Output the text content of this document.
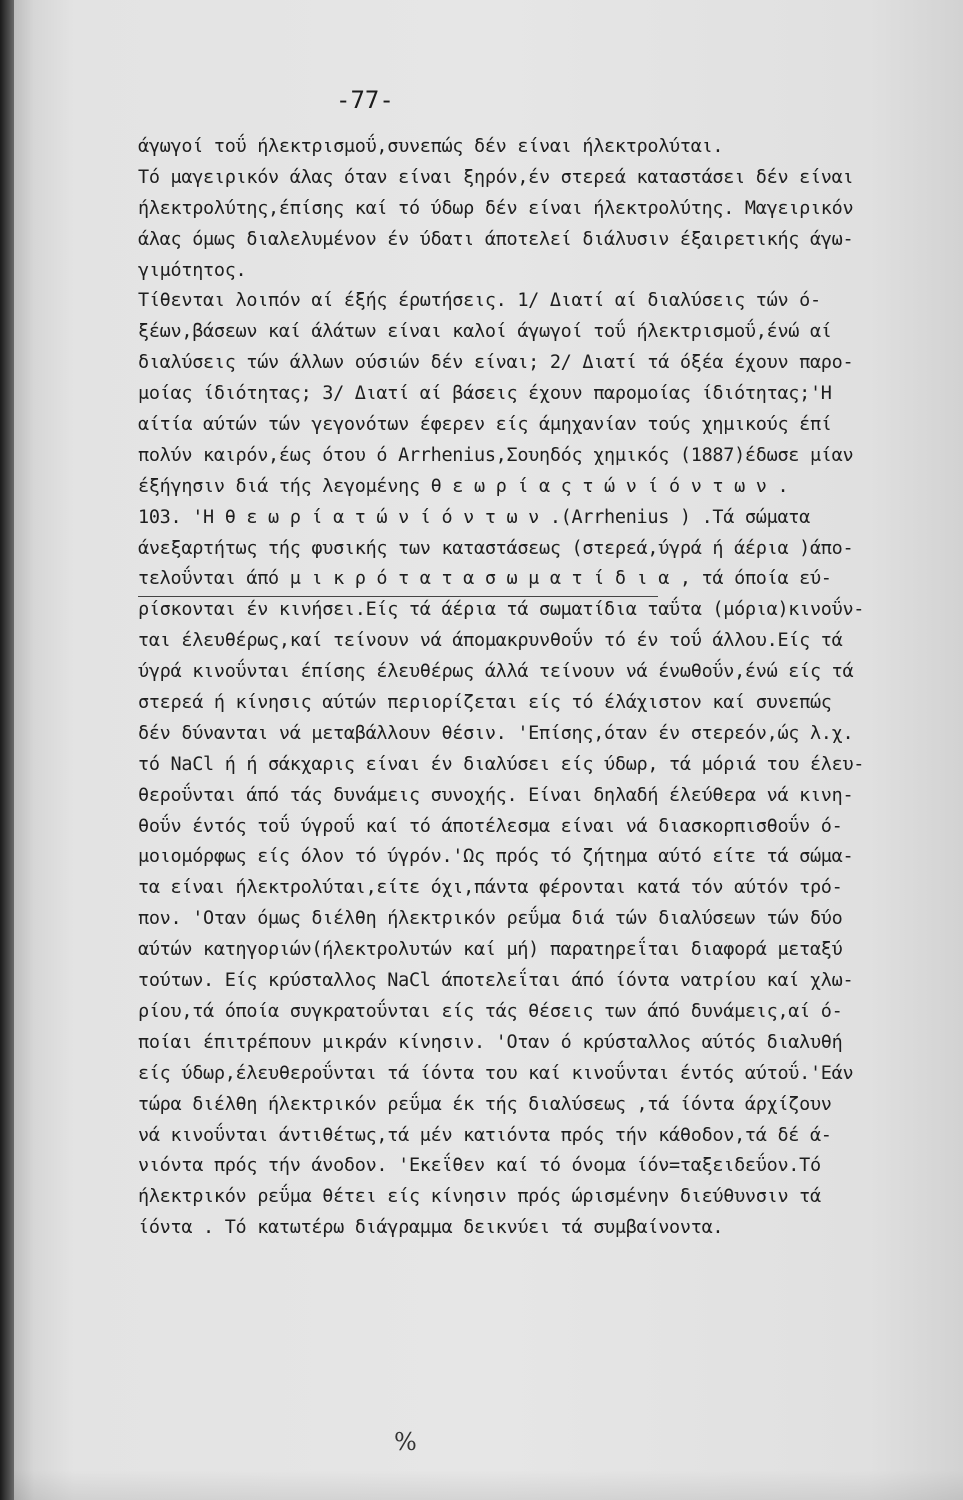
-77-
άγωγοί τοΰ ήλεκτρισμοΰ,συνεπώς δέν είναι ήλεκτρολύται.
Τό μαγειρικόν άλας όταν είναι ξηρόν,έν στερεά καταστάσει δέν είναι
ήλεκτρολύτης,έπίσης καί τό ύδωρ δέν είναι ήλεκτρολύτης. Μαγειρικόν
άλας όμως διαλελυμένον έν ύδατι άποτελεί διάλυσιν έξαιρετικής άγω-
γιμότητος.
Τίθενται λοιπόν αί έξής έρωτήσεις. 1/ Διατί αί διαλύσεις τών ό-
ξέων,βάσεων καί άλάτων είναι καλοί άγωγοί τοΰ ήλεκτρισμοΰ,ένώ αί
διαλύσεις τών άλλων ούσιών δέν είναι; 2/ Διατί τά όξέα έχουν παρο-
μοίας ίδιότητας; 3/ Διατί αί βάσεις έχουν παρομοίας ίδιότητας;'Η
αίτία αύτών τών γεγονότων έφερεν είς άμηχανίαν τούς χημικούς έπί
πολύν καιρόν,έως ότου ό Arrhenius,Σουηδός χημικός (1887)έδωσε μίαν
έξήγησιν διά τής λεγομένης θ ε ω ρ ί α ς τ ώ ν ί ό ν τ ω ν .
103. 'Η θ ε ω ρ ί α τ ώ ν ί ό ν τ ω ν .(Arrhenius ) .Τά σώματα
άνεξαρτήτως τής φυσικής των καταστάσεως (στερεά,ύγρά ή άέρια )άπο-
τελοΰνται άπό μ ι κ ρ ό τ α τ α σ ω μ α τ ί δ ι α , τά όποία εύ-
ρίσκονται έν κινήσει.Είς τά άέρια τά σωματίδια ταΰτα (μόρια)κινοΰν-
ται έλευθέρως,καί τείνουν νά άπομακρυνθοΰν τό έν τοΰ άλλου.Είς τά
ύγρά κινοΰνται έπίσης έλευθέρως άλλά τείνουν νά ένωθοΰν,ένώ είς τά
στερεά ή κίνησις αύτών περιορίζεται είς τό έλάχιστον καί συνεπώς
δέν δύνανται νά μεταβάλλουν θέσιν. 'Επίσης,όταν έν στερεόν,ώς λ.χ.
τό NaCl ή ή σάκχαρις είναι έν διαλύσει είς ύδωρ, τά μόριά του έλευ-
θεροΰνται άπό τάς δυνάμεις συνοχής. Είναι δηλαδή έλεύθερα νά κινη-
θοΰν έντός τοΰ ύγροΰ καί τό άποτέλεσμα είναι νά διασκορπισθοΰν ό-
μοιομόρφως είς όλον τό ύγρόν.'Ως πρός τό ζήτημα αύτό είτε τά σώμα-
τα είναι ήλεκτρολύται,είτε όχι,πάντα φέρονται κατά τόν αύτόν τρό-
πον. 'Οταν όμως διέλθη ήλεκτρικόν ρεΰμα διά τών διαλύσεων τών δύο
αύτών κατηγοριών(ήλεκτρολυτών καί μή) παρατηρεΐται διαφορά μεταξύ
τούτων. Είς κρύσταλλος NaCl άποτελεΐται άπό ίόντα νατρίου καί χλω-
ρίου,τά όποία συγκρατοΰνται είς τάς θέσεις των άπό δυνάμεις,αί ό-
ποίαι έπιτρέπουν μικράν κίνησιν. 'Οταν ό κρύσταλλος αύτός διαλυθή
είς ύδωρ,έλευθεροΰνται τά ίόντα του καί κινοΰνται έντός αύτοΰ.'Εάν
τώρα διέλθη ήλεκτρικόν ρεΰμα έκ τής διαλύσεως ,τά ίόντα άρχίζουν
νά κινοΰνται άντιθέτως,τά μέν κατιόντα πρός τήν κάθοδον,τά δέ ά-
νιόντα πρός τήν άνοδον. 'Εκεΐθεν καί τό όνομα ίόν=ταξειδεΰον.Τό
ήλεκτρικόν ρεΰμα θέτει είς κίνησιν πρός ώρισμένην διεύθυνσιν τά
ίόντα . Τό κατωτέρω διάγραμμα δεικνύει τά συμβαίνοντα.
%
